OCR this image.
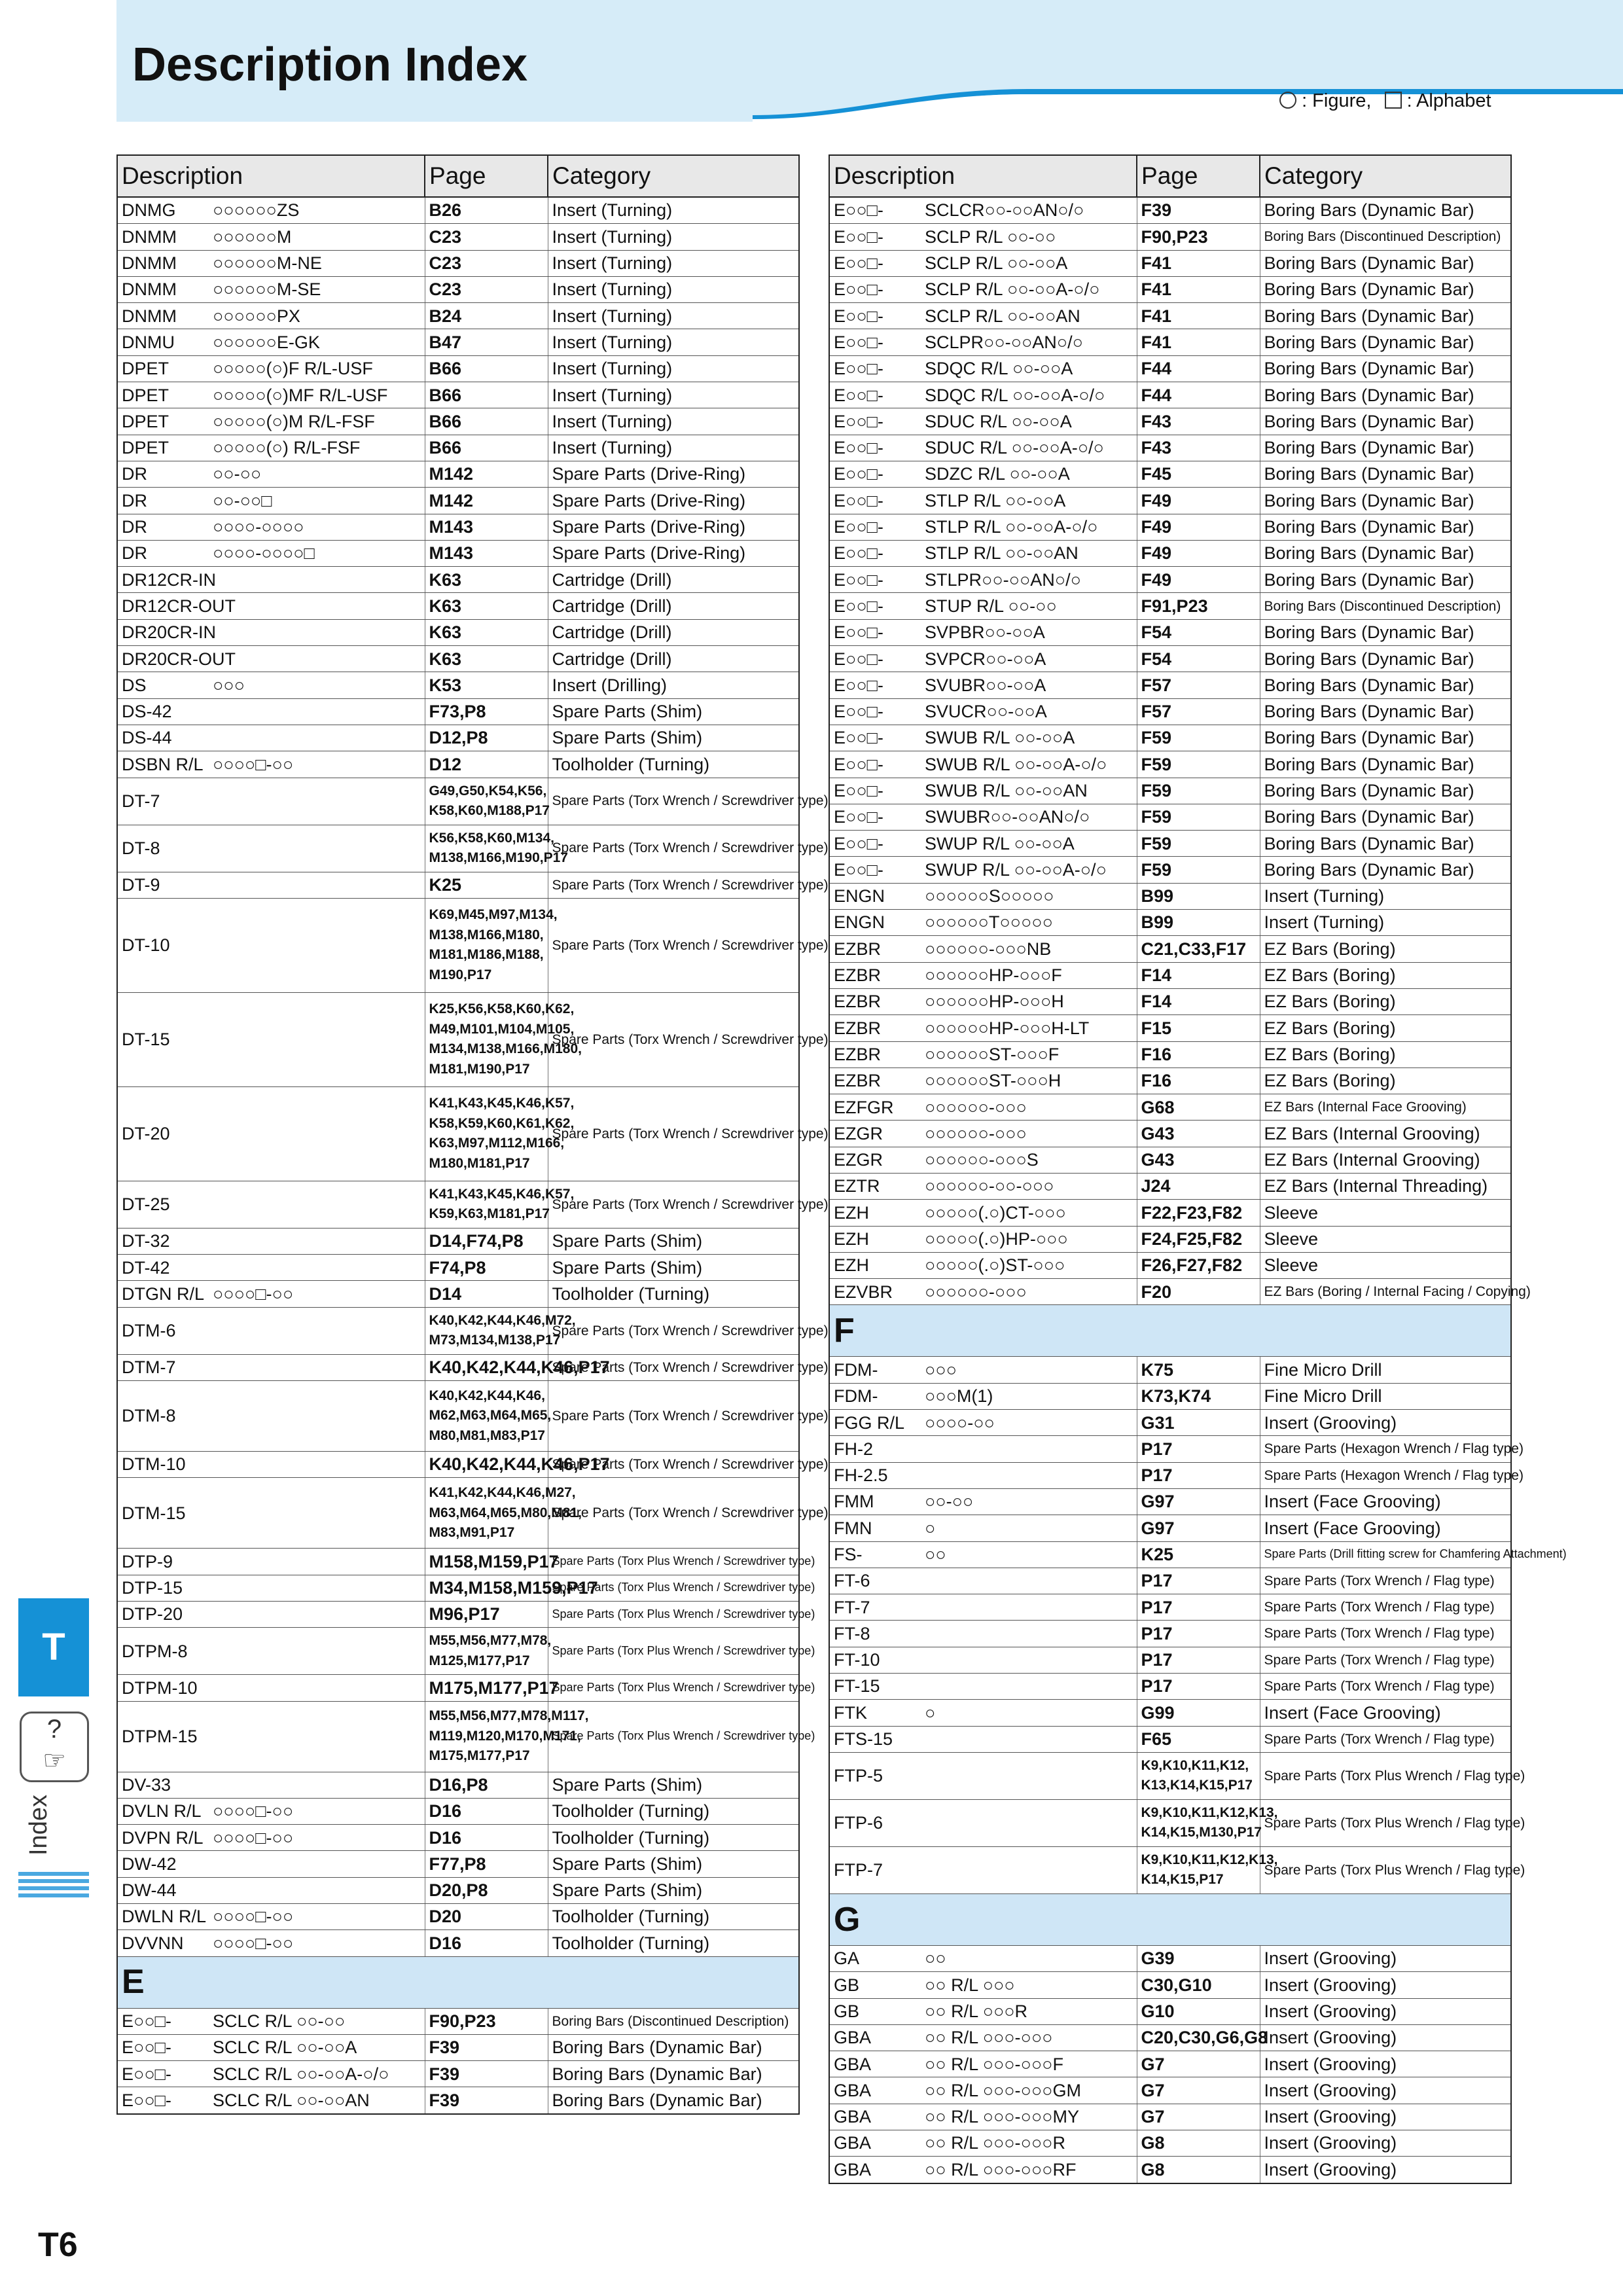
Description Index
: Figure, : Alphabet
Description		Page	Category
DNMG	○○○○○○ZS	B26	Insert (Turning)
DNMM	○○○○○○M	C23	Insert (Turning)
DNMM	○○○○○○M-NE	C23	Insert (Turning)
DNMM	○○○○○○M-SE	C23	Insert (Turning)
DNMM	○○○○○○PX	B24	Insert (Turning)
DNMU	○○○○○○E-GK	B47	Insert (Turning)
DPET	○○○○○(○)F R/L-USF	B66	Insert (Turning)
DPET	○○○○○(○)MF R/L-USF	B66	Insert (Turning)
DPET	○○○○○(○)M R/L-FSF	B66	Insert (Turning)
DPET	○○○○○(○) R/L-FSF	B66	Insert (Turning)
DR	○○-○○	M142	Spare Parts (Drive-Ring)
DR	○○-○○□	M142	Spare Parts (Drive-Ring)
DR	○○○○-○○○○	M143	Spare Parts (Drive-Ring)
DR	○○○○-○○○○□	M143	Spare Parts (Drive-Ring)
DR12CR-IN		K63	Cartridge (Drill)
DR12CR-OUT		K63	Cartridge (Drill)
DR20CR-IN		K63	Cartridge (Drill)
DR20CR-OUT		K63	Cartridge (Drill)
DS	○○○	K53	Insert (Drilling)
DS-42		F73,P8	Spare Parts (Shim)
DS-44		D12,P8	Spare Parts (Shim)
DSBN R/L	○○○○□-○○	D12	Toolholder (Turning)
DT-7		G49,G50,K54,K56, K58,K60,M188,P17	Spare Parts (Torx Wrench / Screwdriver type)
DT-8		K56,K58,K60,M134, M138,M166,M190,P17	Spare Parts (Torx Wrench / Screwdriver type)
DT-9		K25	Spare Parts (Torx Wrench / Screwdriver type)
DT-10		K69,M45,M97,M134, M138,M166,M180, M181,M186,M188, M190,P17	Spare Parts (Torx Wrench / Screwdriver type)
DT-15		K25,K56,K58,K60,K62, M49,M101,M104,M105, M134,M138,M166,M180, M181,M190,P17	Spare Parts (Torx Wrench / Screwdriver type)
DT-20		K41,K43,K45,K46,K57, K58,K59,K60,K61,K62, K63,M97,M112,M166, M180,M181,P17	Spare Parts (Torx Wrench / Screwdriver type)
DT-25		K41,K43,K45,K46,K57, K59,K63,M181,P17	Spare Parts (Torx Wrench / Screwdriver type)
DT-32		D14,F74,P8	Spare Parts (Shim)
DT-42		F74,P8	Spare Parts (Shim)
DTGN R/L	○○○○□-○○	D14	Toolholder (Turning)
DTM-6		K40,K42,K44,K46,M72, M73,M134,M138,P17	Spare Parts (Torx Wrench / Screwdriver type)
DTM-7		K40,K42,K44,K46,P17	Spare Parts (Torx Wrench / Screwdriver type)
DTM-8		K40,K42,K44,K46, M62,M63,M64,M65, M80,M81,M83,P17	Spare Parts (Torx Wrench / Screwdriver type)
DTM-10		K40,K42,K44,K46,P17	Spare Parts (Torx Wrench / Screwdriver type)
DTM-15		K41,K42,K44,K46,M27, M63,M64,M65,M80,M81, M83,M91,P17	Spare Parts (Torx Wrench / Screwdriver type)
DTP-9		M158,M159,P17	Spare Parts (Torx Plus Wrench / Screwdriver type)
DTP-15		M34,M158,M159,P17	Spare Parts (Torx Plus Wrench / Screwdriver type)
DTP-20		M96,P17	Spare Parts (Torx Plus Wrench / Screwdriver type)
DTPM-8		M55,M56,M77,M78, M125,M177,P17	Spare Parts (Torx Plus Wrench / Screwdriver type)
DTPM-10		M175,M177,P17	Spare Parts (Torx Plus Wrench / Screwdriver type)
DTPM-15		M55,M56,M77,M78,M117, M119,M120,M170,M171, M175,M177,P17	Spare Parts (Torx Plus Wrench / Screwdriver type)
DV-33		D16,P8	Spare Parts (Shim)
DVLN R/L	○○○○□-○○	D16	Toolholder (Turning)
DVPN R/L	○○○○□-○○	D16	Toolholder (Turning)
DW-42		F77,P8	Spare Parts (Shim)
DW-44		D20,P8	Spare Parts (Shim)
DWLN R/L	○○○○□-○○	D20	Toolholder (Turning)
DVVNN	○○○○□-○○	D16	Toolholder (Turning)
E			
E○○□-	SCLC R/L ○○-○○	F90,P23	Boring Bars (Discontinued Description)
E○○□-	SCLC R/L ○○-○○A	F39	Boring Bars (Dynamic Bar)
E○○□-	SCLC R/L ○○-○○A-○/○	F39	Boring Bars (Dynamic Bar)
E○○□-	SCLC R/L ○○-○○AN	F39	Boring Bars (Dynamic Bar)
Description		Page	Category
E○○□-	SCLCR○○-○○AN○/○	F39	Boring Bars (Dynamic Bar)
E○○□-	SCLP R/L ○○-○○	F90,P23	Boring Bars (Discontinued Description)
E○○□-	SCLP R/L ○○-○○A	F41	Boring Bars (Dynamic Bar)
E○○□-	SCLP R/L ○○-○○A-○/○	F41	Boring Bars (Dynamic Bar)
E○○□-	SCLP R/L ○○-○○AN	F41	Boring Bars (Dynamic Bar)
E○○□-	SCLPR○○-○○AN○/○	F41	Boring Bars (Dynamic Bar)
E○○□-	SDQC R/L ○○-○○A	F44	Boring Bars (Dynamic Bar)
E○○□-	SDQC R/L ○○-○○A-○/○	F44	Boring Bars (Dynamic Bar)
E○○□-	SDUC R/L ○○-○○A	F43	Boring Bars (Dynamic Bar)
E○○□-	SDUC R/L ○○-○○A-○/○	F43	Boring Bars (Dynamic Bar)
E○○□-	SDZC R/L ○○-○○A	F45	Boring Bars (Dynamic Bar)
E○○□-	STLP R/L ○○-○○A	F49	Boring Bars (Dynamic Bar)
E○○□-	STLP R/L ○○-○○A-○/○	F49	Boring Bars (Dynamic Bar)
E○○□-	STLP R/L ○○-○○AN	F49	Boring Bars (Dynamic Bar)
E○○□-	STLPR○○-○○AN○/○	F49	Boring Bars (Dynamic Bar)
E○○□-	STUP R/L ○○-○○	F91,P23	Boring Bars (Discontinued Description)
E○○□-	SVPBR○○-○○A	F54	Boring Bars (Dynamic Bar)
E○○□-	SVPCR○○-○○A	F54	Boring Bars (Dynamic Bar)
E○○□-	SVUBR○○-○○A	F57	Boring Bars (Dynamic Bar)
E○○□-	SVUCR○○-○○A	F57	Boring Bars (Dynamic Bar)
E○○□-	SWUB R/L ○○-○○A	F59	Boring Bars (Dynamic Bar)
E○○□-	SWUB R/L ○○-○○A-○/○	F59	Boring Bars (Dynamic Bar)
E○○□-	SWUB R/L ○○-○○AN	F59	Boring Bars (Dynamic Bar)
E○○□-	SWUBR○○-○○AN○/○	F59	Boring Bars (Dynamic Bar)
E○○□-	SWUP R/L ○○-○○A	F59	Boring Bars (Dynamic Bar)
E○○□-	SWUP R/L ○○-○○A-○/○	F59	Boring Bars (Dynamic Bar)
ENGN	○○○○○○S○○○○○	B99	Insert (Turning)
ENGN	○○○○○○T○○○○○	B99	Insert (Turning)
EZBR	○○○○○○-○○○NB	C21,C33,F17	EZ Bars (Boring)
EZBR	○○○○○○HP-○○○F	F14	EZ Bars (Boring)
EZBR	○○○○○○HP-○○○H	F14	EZ Bars (Boring)
EZBR	○○○○○○HP-○○○H-LT	F15	EZ Bars (Boring)
EZBR	○○○○○○ST-○○○F	F16	EZ Bars (Boring)
EZBR	○○○○○○ST-○○○H	F16	EZ Bars (Boring)
EZFGR	○○○○○○-○○○	G68	EZ Bars (Internal Face Grooving)
EZGR	○○○○○○-○○○	G43	EZ Bars (Internal Grooving)
EZGR	○○○○○○-○○○S	G43	EZ Bars (Internal Grooving)
EZTR	○○○○○○-○○-○○○	J24	EZ Bars (Internal Threading)
EZH	○○○○○(.○)CT-○○○	F22,F23,F82	Sleeve
EZH	○○○○○(.○)HP-○○○	F24,F25,F82	Sleeve
EZH	○○○○○(.○)ST-○○○	F26,F27,F82	Sleeve
EZVBR	○○○○○○-○○○	F20	EZ Bars (Boring / Internal Facing / Copying)
F			
FDM-	○○○	K75	Fine Micro Drill
FDM-	○○○M(1)	K73,K74	Fine Micro Drill
FGG R/L	○○○○-○○	G31	Insert (Grooving)
FH-2		P17	Spare Parts (Hexagon Wrench / Flag type)
FH-2.5		P17	Spare Parts (Hexagon Wrench / Flag type)
FMM	○○-○○	G97	Insert (Face Grooving)
FMN	○	G97	Insert (Face Grooving)
FS-	○○	K25	Spare Parts (Drill fitting screw for Chamfering Attachment)
FT-6		P17	Spare Parts (Torx Wrench / Flag type)
FT-7		P17	Spare Parts (Torx Wrench / Flag type)
FT-8		P17	Spare Parts (Torx Wrench / Flag type)
FT-10		P17	Spare Parts (Torx Wrench / Flag type)
FT-15		P17	Spare Parts (Torx Wrench / Flag type)
FTK	○	G99	Insert (Face Grooving)
FTS-15		F65	Spare Parts (Torx Wrench / Flag type)
FTP-5		K9,K10,K11,K12, K13,K14,K15,P17	Spare Parts (Torx Plus Wrench / Flag type)
FTP-6		K9,K10,K11,K12,K13, K14,K15,M130,P17	Spare Parts (Torx Plus Wrench / Flag type)
FTP-7		K9,K10,K11,K12,K13, K14,K15,P17	Spare Parts (Torx Plus Wrench / Flag type)
G			
GA	○○	G39	Insert (Grooving)
GB	○○ R/L ○○○	C30,G10	Insert (Grooving)
GB	○○ R/L ○○○R	G10	Insert (Grooving)
GBA	○○ R/L ○○○-○○○	C20,C30,G6,G8	Insert (Grooving)
GBA	○○ R/L ○○○-○○○F	G7	Insert (Grooving)
GBA	○○ R/L ○○○-○○○GM	G7	Insert (Grooving)
GBA	○○ R/L ○○○-○○○MY	G7	Insert (Grooving)
GBA	○○ R/L ○○○-○○○R	G8	Insert (Grooving)
GBA	○○ R/L ○○○-○○○RF	G8	Insert (Grooving)
T
?
☞
Index
T6
